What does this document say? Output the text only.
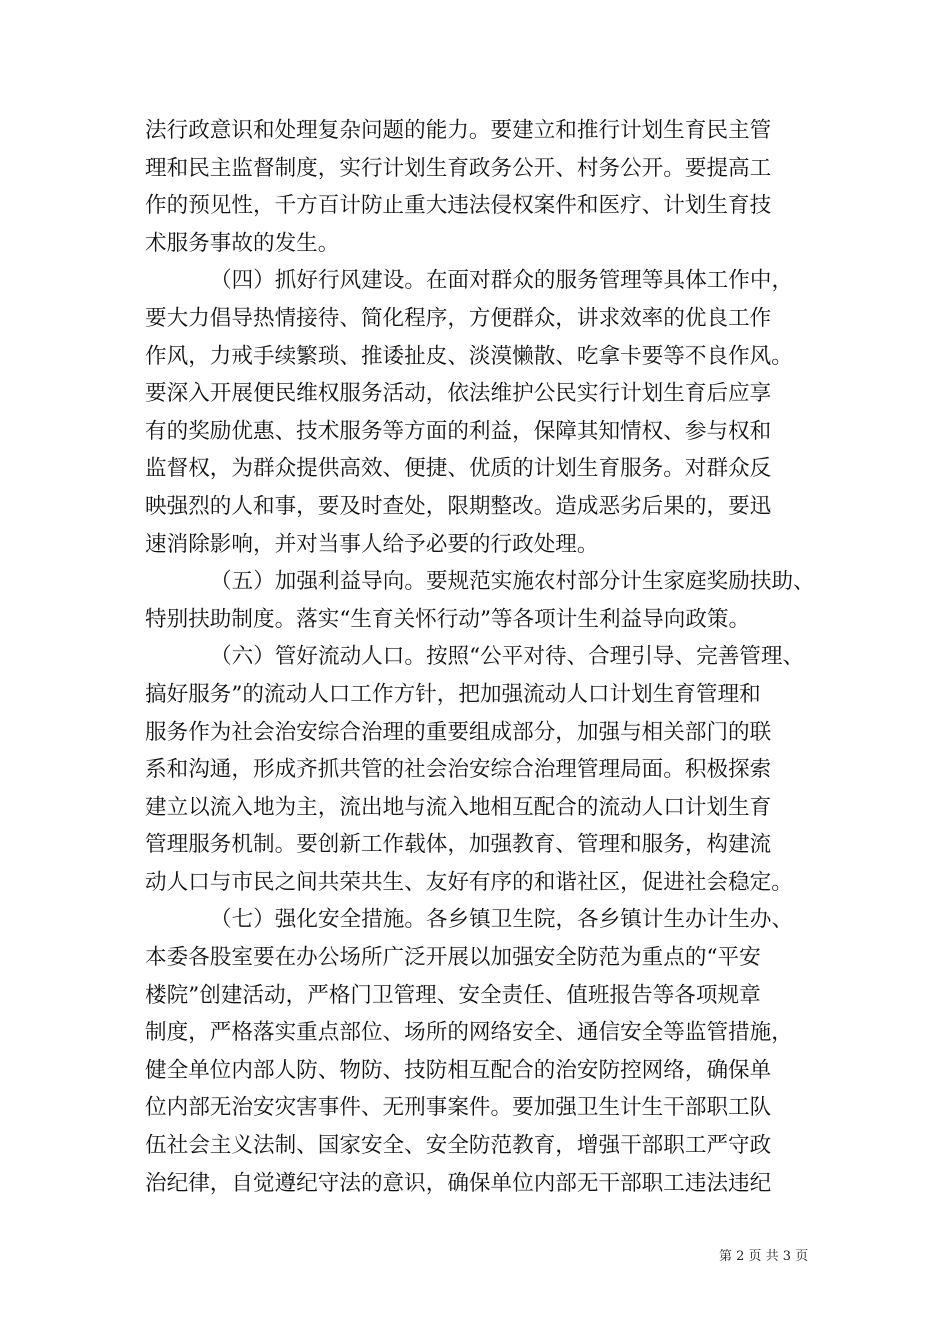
法行政意识和处理复杂问题的能力。要建立和推行计划生育民主管
理和民主监督制度，实行计划生育政务公开、村务公开。要提高工
作的预见性，千方百计防止重大违法侵权案件和医疗、计划生育技
术服务事故的发生。
（四）抓好行风建设。在面对群众的服务管理等具体工作中，
要大力倡导热情接待、简化程序，方便群众，讲求效率的优良工作
作风，力戒手续繁琐、推诿扯皮、淡漠懒散、吃拿卡要等不良作风。
要深入开展便民维权服务活动，依法维护公民实行计划生育后应享
有的奖励优惠、技术服务等方面的利益，保障其知情权、参与权和
监督权，为群众提供高效、便捷、优质的计划生育服务。对群众反
映强烈的人和事，要及时查处，限期整改。造成恶劣后果的，要迅
速消除影响，并对当事人给予必要的行政处理。
（五）加强利益导向。要规范实施农村部分计生家庭奖励扶助、
特别扶助制度。落实“生育关怀行动”等各项计生利益导向政策。
（六）管好流动人口。按照“公平对待、合理引导、完善管理、
搞好服务”的流动人口工作方针，把加强流动人口计划生育管理和
服务作为社会治安综合治理的重要组成部分，加强与相关部门的联
系和沟通，形成齐抓共管的社会治安综合治理管理局面。积极探索
建立以流入地为主，流出地与流入地相互配合的流动人口计划生育
管理服务机制。要创新工作载体，加强教育、管理和服务，构建流
动人口与市民之间共荣共生、友好有序的和谐社区，促进社会稳定。
（七）强化安全措施。各乡镇卫生院，各乡镇计生办计生办、
本委各股室要在办公场所广泛开展以加强安全防范为重点的“平安
楼院”创建活动，严格门卫管理、安全责任、值班报告等各项规章
制度，严格落实重点部位、场所的网络安全、通信安全等监管措施，
健全单位内部人防、物防、技防相互配合的治安防控网络，确保单
位内部无治安灾害事件、无刑事案件。要加强卫生计生干部职工队
伍社会主义法制、国家安全、安全防范教育，增强干部职工严守政
治纪律，自觉遵纪守法的意识，确保单位内部无干部职工违法违纪
第 2 页 共 3 页
